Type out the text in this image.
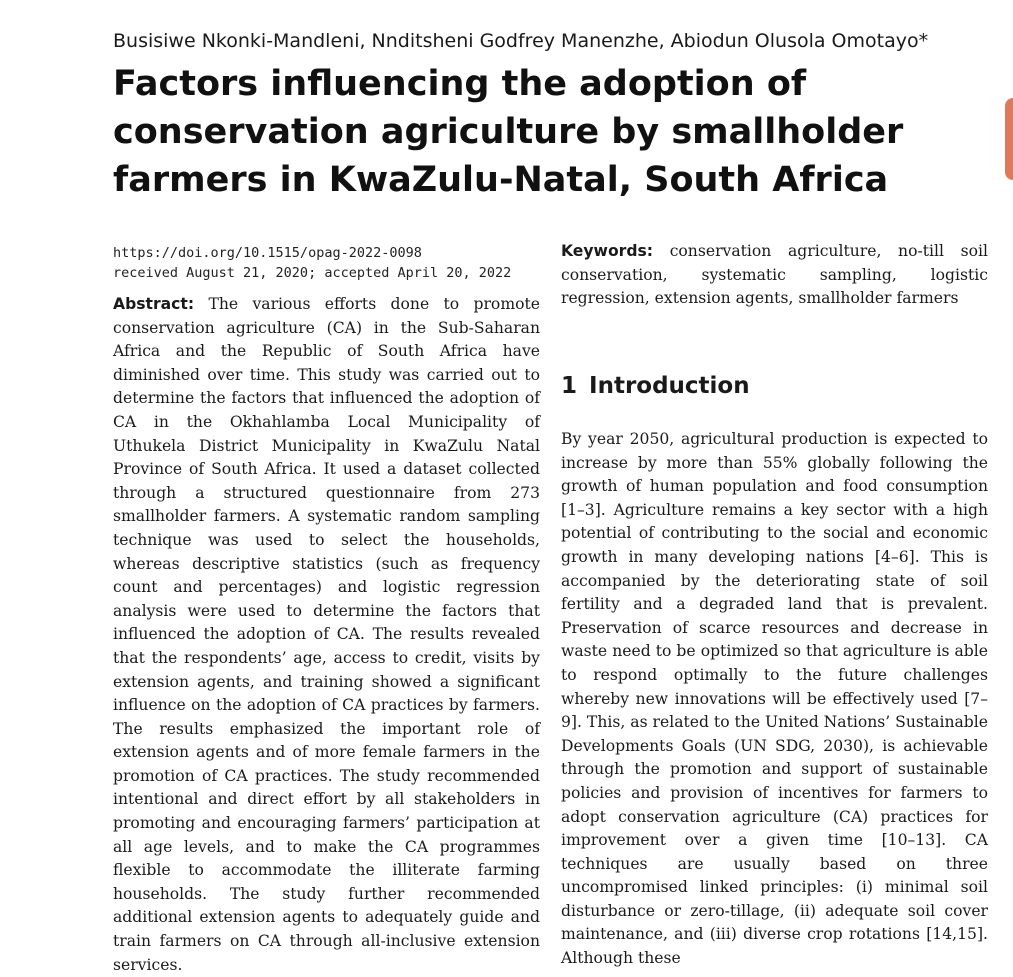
Busisiwe Nkonki-Mandleni, Nnditsheni Godfrey Manenzhe, Abiodun Olusola Omotayo*
Factors influencing the adoption of conservation agriculture by smallholder farmers in KwaZulu-Natal, South Africa
https://doi.org/10.1515/opag-2022-0098
received August 21, 2020; accepted April 20, 2022

Abstract: The various efforts done to promote conservation agriculture (CA) in the Sub-Saharan Africa and the Republic of South Africa have diminished over time. This study was carried out to determine the factors that influenced the adoption of CA in the Okhahlamba Local Municipality of Uthukela District Municipality in KwaZulu Natal Province of South Africa. It used a dataset collected through a structured questionnaire from 273 smallholder farmers. A systematic random sampling technique was used to select the households, whereas descriptive statistics (such as frequency count and percentages) and logistic regression analysis were used to determine the factors that influenced the adoption of CA. The results revealed that the respondents’ age, access to credit, visits by extension agents, and training showed a significant influence on the adoption of CA practices by farmers. The results emphasized the important role of extension agents and of more female farmers in the promotion of CA practices. The study recommended intentional and direct effort by all stakeholders in promoting and encouraging farmers’ participation at all age levels, and to make the CA programmes flexible to accommodate the illiterate farming households. The study further recommended additional extension agents to adequately guide and train farmers on CA through all-inclusive extension services.

Keywords: conservation agriculture, no-till soil conservation, systematic sampling, logistic regression, extension agents, smallholder farmers

1 Introduction

By year 2050, agricultural production is expected to increase by more than 55% globally following the growth of human population and food consumption [1–3]. Agriculture remains a key sector with a high potential of contributing to the social and economic growth in many developing nations [4–6]. This is accompanied by the deteriorating state of soil fertility and a degraded land that is prevalent. Preservation of scarce resources and decrease in waste need to be optimized so that agriculture is able to respond optimally to the future challenges whereby new innovations will be effectively used [7–9]. This, as related to the United Nations’ Sustainable Developments Goals (UN SDG, 2030), is achievable through the promotion and support of sustainable policies and provision of incentives for farmers to adopt conservation agriculture (CA) practices for improvement over a given time [10–13]. CA techniques are usually based on three uncompromised linked principles: (i) minimal soil disturbance or zero-tillage, (ii) adequate soil cover maintenance, and (iii) diverse crop rotations [14,15]. Although these
